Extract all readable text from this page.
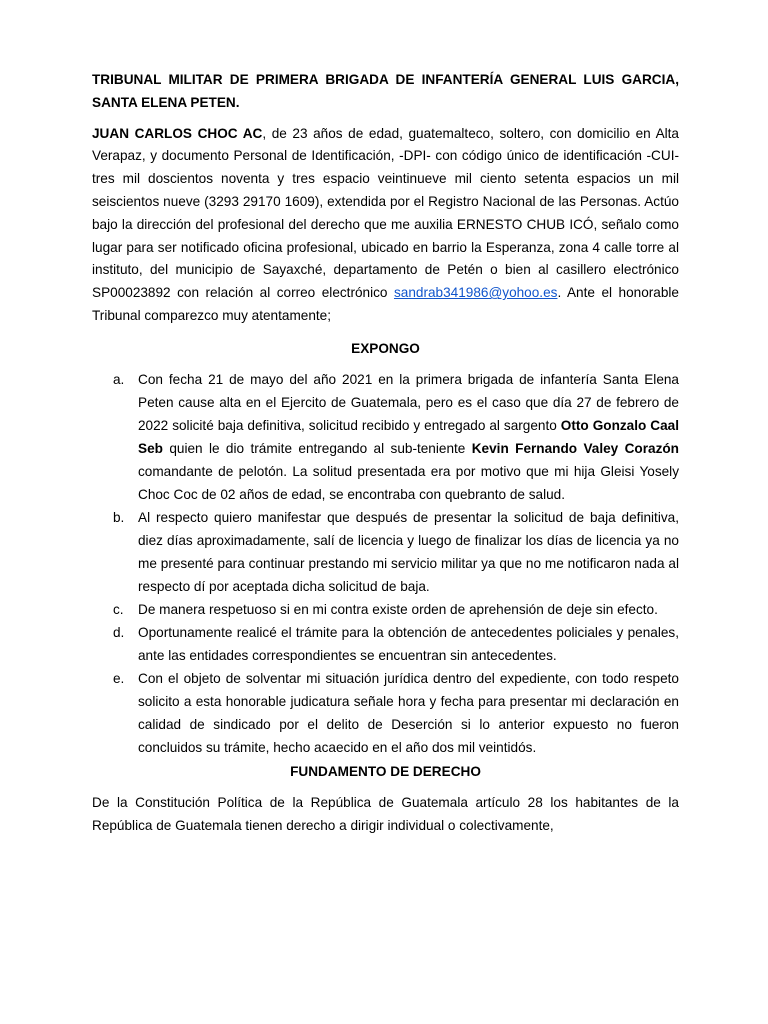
TRIBUNAL MILITAR DE PRIMERA BRIGADA DE INFANTERÍA GENERAL LUIS GARCIA, SANTA ELENA PETEN.

JUAN CARLOS CHOC AC, de 23 años de edad, guatemalteco, soltero, con domicilio en Alta Verapaz, y documento Personal de Identificación, -DPI- con código único de identificación -CUI- tres mil doscientos noventa y tres espacio veintinueve mil ciento setenta espacios un mil seiscientos nueve (3293 29170 1609), extendida por el Registro Nacional de las Personas. Actúo bajo la dirección del profesional del derecho que me auxilia ERNESTO CHUB ICÓ, señalo como lugar para ser notificado oficina profesional, ubicado en barrio la Esperanza, zona 4 calle torre al instituto, del municipio de Sayaxché, departamento de Petén o bien al casillero electrónico SP00023892 con relación al correo electrónico sandrab341986@yohoo.es. Ante el honorable Tribunal comparezco muy atentamente;

EXPONGO
a. Con fecha 21 de mayo del año 2021 en la primera brigada de infantería Santa Elena Peten cause alta en el Ejercito de Guatemala, pero es el caso que día 27 de febrero de 2022 solicité baja definitiva, solicitud recibido y entregado al sargento Otto Gonzalo Caal Seb quien le dio trámite entregando al sub-teniente Kevin Fernando Valey Corazón comandante de pelotón. La solitud presentada era por motivo que mi hija Gleisi Yosely Choc Coc de 02 años de edad, se encontraba con quebranto de salud.
b. Al respecto quiero manifestar que después de presentar la solicitud de baja definitiva, diez días aproximadamente, salí de licencia y luego de finalizar los días de licencia ya no me presenté para continuar prestando mi servicio militar ya que no me notificaron nada al respecto dí por aceptada dicha solicitud de baja.
c. De manera respetuoso si en mi contra existe orden de aprehensión de deje sin efecto.
d. Oportunamente realicé el trámite para la obtención de antecedentes policiales y penales, ante las entidades correspondientes se encuentran sin antecedentes.
e. Con el objeto de solventar mi situación jurídica dentro del expediente, con todo respeto solicito a esta honorable judicatura señale hora y fecha para presentar mi declaración en calidad de sindicado por el delito de Deserción si lo anterior expuesto no fueron concluidos su trámite, hecho acaecido en el año dos mil veintidós.
FUNDAMENTO DE DERECHO

De la Constitución Política de la República de Guatemala artículo 28 los habitantes de la República de Guatemala tienen derecho a dirigir individual o colectivamente,
